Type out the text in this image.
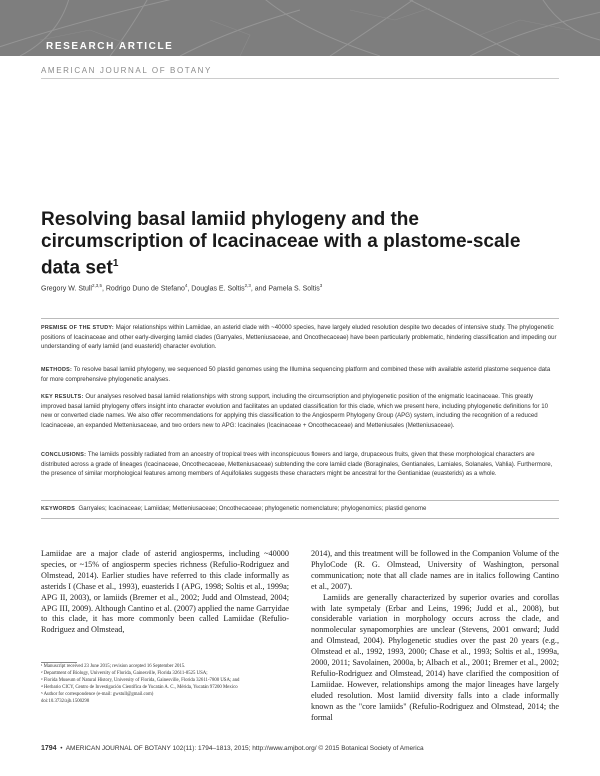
RESEARCH ARTICLE
AMERICAN JOURNAL OF BOTANY
Resolving basal lamiid phylogeny and the circumscription of Icacinaceae with a plastome-scale data set$^1$
Gregory W. Stull$^{2,3,5}$, Rodrigo Duno de Stefano$^4$, Douglas E. Soltis$^{2,3}$, and Pamela S. Soltis$^3$

PREMISE OF THE STUDY: Major relationships within Lamiidae, an asterid clade with ~40000 species, have largely eluded resolution despite two decades of intensive study. The phylogenetic positions of Icacinaceae and other early-diverging lamiid clades (Garryales, Metteniusaceae, and Oncothecaceae) have been particularly problematic, hindering classification and impeding our understanding of early lamiid (and euasterid) character evolution.

METHODS: To resolve basal lamiid phylogeny, we sequenced 50 plastid genomes using the Illumina sequencing platform and combined these with available asterid plastome sequence data for more comprehensive phylogenetic analyses.

KEY RESULTS: Our analyses resolved basal lamiid relationships with strong support, including the circumscription and phylogenetic position of the enigmatic Icacinaceae. This greatly improved basal lamiid phylogeny offers insight into character evolution and facilitates an updated classification for this clade, which we present here, including phylogenetic definitions for 10 new or converted clade names. We also offer recommendations for applying this classification to the Angiosperm Phylogeny Group (APG) system, including the recognition of a reduced Icacinaceae, an expanded Metteniusaceae, and two orders new to APG: Icacinales (Icacinaceae + Oncothecaceae) and Metteniusales (Metteniusaceae).

CONCLUSIONS: The lamiids possibly radiated from an ancestry of tropical trees with inconspicuous flowers and large, drupaceous fruits, given that these morphological characters are distributed across a grade of lineages (Icacinaceae, Oncothecaceae, Metteniusaceae) subtending the core lamiid clade (Boraginales, Gentianales, Lamiales, Solanales, Vahlia). Furthermore, the presence of similar morphological features among members of Aquifoliales suggests these characters might be ancestral for the Gentianidae (euasterids) as a whole.

KEYWORDS Garryales; Icacinaceae; Lamiidae; Metteniusaceae; Oncothecaceae; phylogenetic nomenclature; phylogenomics; plastid genome

Lamiidae are a major clade of asterid angiosperms, including ~40000 species, or ~15% of angiosperm species richness (Refulio-Rodriguez and Olmstead, 2014). Earlier studies have referred to this clade informally as asterids I (Chase et al., 1993), euasterids I (APG, 1998; Soltis et al., 1999a; APG II, 2003), or lamiids (Bremer et al., 2002; Judd and Olmstead, 2004; APG III, 2009). Although Cantino et al. (2007) applied the name Garryidae to this clade, it has more commonly been called Lamiidae (Refulio-Rodriguez and Olmstead,

2014), and this treatment will be followed in the Companion Volume of the PhyloCode (R. G. Olmstead, University of Washington, personal communication; note that all clade names are in italics following Cantino et al., 2007).

Lamiids are generally characterized by superior ovaries and corollas with late sympetaly (Erbar and Leins, 1996; Judd et al., 2008), but considerable variation in morphology occurs across the clade, and nonmolecular synapomorphies are unclear (Stevens, 2001 onward; Judd and Olmstead, 2004). Phylogenetic studies over the past 20 years (e.g., Olmstead et al., 1992, 1993, 2000; Chase et al., 1993; Soltis et al., 1999a, 2000, 2011; Savolainen, 2000a, b; Albach et al., 2001; Bremer et al., 2002; Refulio-Rodriguez and Olmstead, 2014) have clarified the composition of Lamiidae. However, relationships among the major lineages have largely eluded resolution. Most lamiid diversity falls into a clade informally known as the "core lamiids" (Refulio-Rodriguez and Olmstead, 2014; the formal

¹ Manuscript received 23 June 2015; revision accepted 16 September 2015.

² Department of Biology, University of Florida, Gainesville, Florida 32611-8525 USA;

³ Florida Museum of Natural History, University of Florida, Gainesville, Florida 32611-7800 USA; and

⁴ Herbario CICY, Centro de Investigación Científica de Yucatán A. C., Mérida, Yucatán 97200 Mexico

⁵ Author for correspondence (e-mail: gwstull@gmail.com)

doi:10.3732/ajb.1500298

1794  •  AMERICAN JOURNAL OF BOTANY 102(11): 1794–1813, 2015; http://www.amjbot.org/ © 2015 Botanical Society of America
